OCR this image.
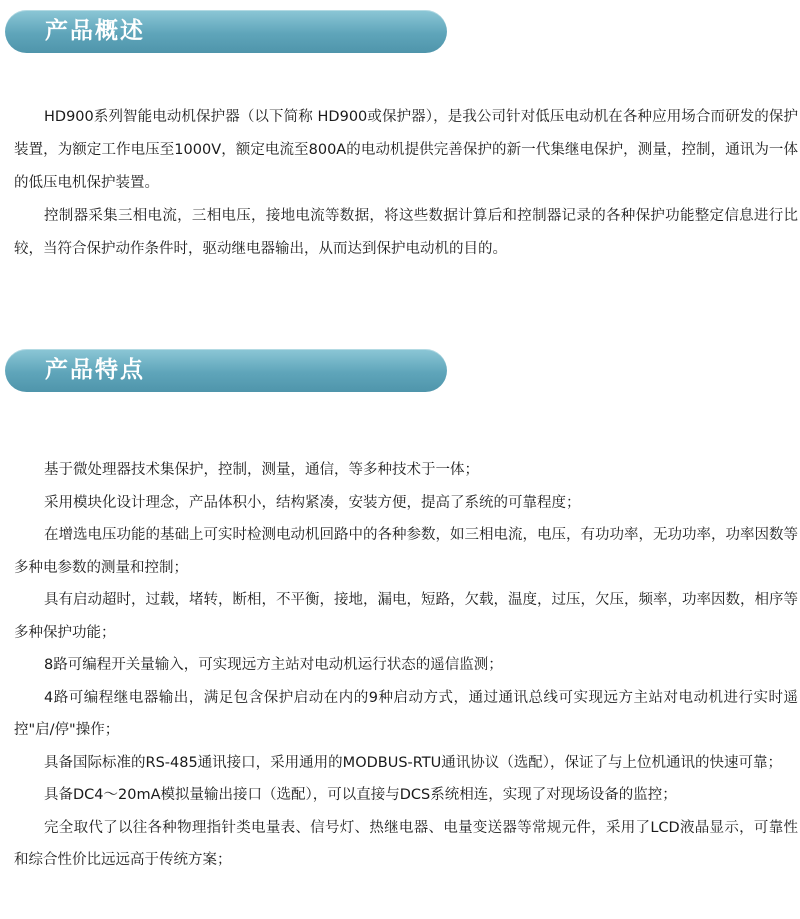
产品概述

HD900系列智能电动机保护器（以下简称 HD900或保护器），是我公司针对低压电动机在各种应用场合而研发的保护装置，为额定工作电压至1000V，额定电流至800A的电动机提供完善保护的新一代集继电保护，测量，控制，通讯为一体的低压电机保护装置。

控制器采集三相电流，三相电压，接地电流等数据，将这些数据计算后和控制器记录的各种保护功能整定信息进行比较，当符合保护动作条件时，驱动继电器输出，从而达到保护电动机的目的。

产品特点
基于微处理器技术集保护，控制，测量，通信，等多种技术于一体；
采用模块化设计理念，产品体积小，结构紧凑，安装方便，提高了系统的可靠程度；
在增选电压功能的基础上可实时检测电动机回路中的各种参数，如三相电流，电压，有功功率，无功功率，功率因数等多种电参数的测量和控制；
具有启动超时，过载，堵转，断相，不平衡，接地，漏电，短路，欠载，温度，过压，欠压，频率，功率因数，相序等多种保护功能；
8路可编程开关量输入，可实现远方主站对电动机运行状态的遥信监测；
4路可编程继电器输出，满足包含保护启动在内的9种启动方式，通过通讯总线可实现远方主站对电动机进行实时遥控"启/停"操作；
具备国际标准的RS-485通讯接口，采用通用的MODBUS-RTU通讯协议（选配），保证了与上位机通讯的快速可靠；
具备DC4～20mA模拟量输出接口（选配），可以直接与DCS系统相连，实现了对现场设备的监控；
完全取代了以往各种物理指针类电量表、信号灯、热继电器、电量变送器等常规元件，采用了LCD液晶显示，可靠性和综合性价比远远高于传统方案；
